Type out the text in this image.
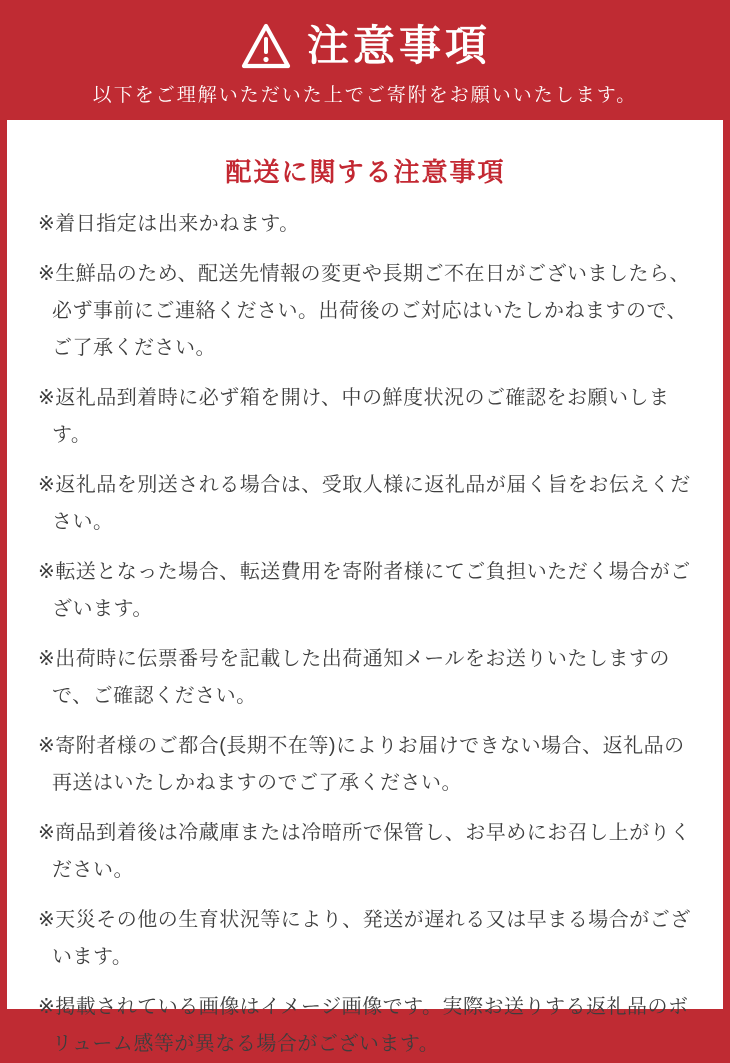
注意事項

以下をご理解いただいた上でご寄附をお願いいたします。

配送に関する注意事項

※着日指定は出来かねます。

※生鮮品のため、配送先情報の変更や長期ご不在日がございましたら、必ず事前にご連絡ください。出荷後のご対応はいたしかねますので、ご了承ください。

※返礼品到着時に必ず箱を開け、中の鮮度状況のご確認をお願いします。

※返礼品を別送される場合は、受取人様に返礼品が届く旨をお伝えください。

※転送となった場合、転送費用を寄附者様にてご負担いただく場合がございます。

※出荷時に伝票番号を記載した出荷通知メールをお送りいたしますので、ご確認ください。

※寄附者様のご都合(長期不在等)によりお届けできない場合、返礼品の再送はいたしかねますのでご了承ください。

※商品到着後は冷蔵庫または冷暗所で保管し、お早めにお召し上がりください。

※天災その他の生育状況等により、発送が遅れる又は早まる場合がございます。

※掲載されている画像はイメージ画像です。実際お送りする返礼品のボリューム感等が異なる場合がございます。
